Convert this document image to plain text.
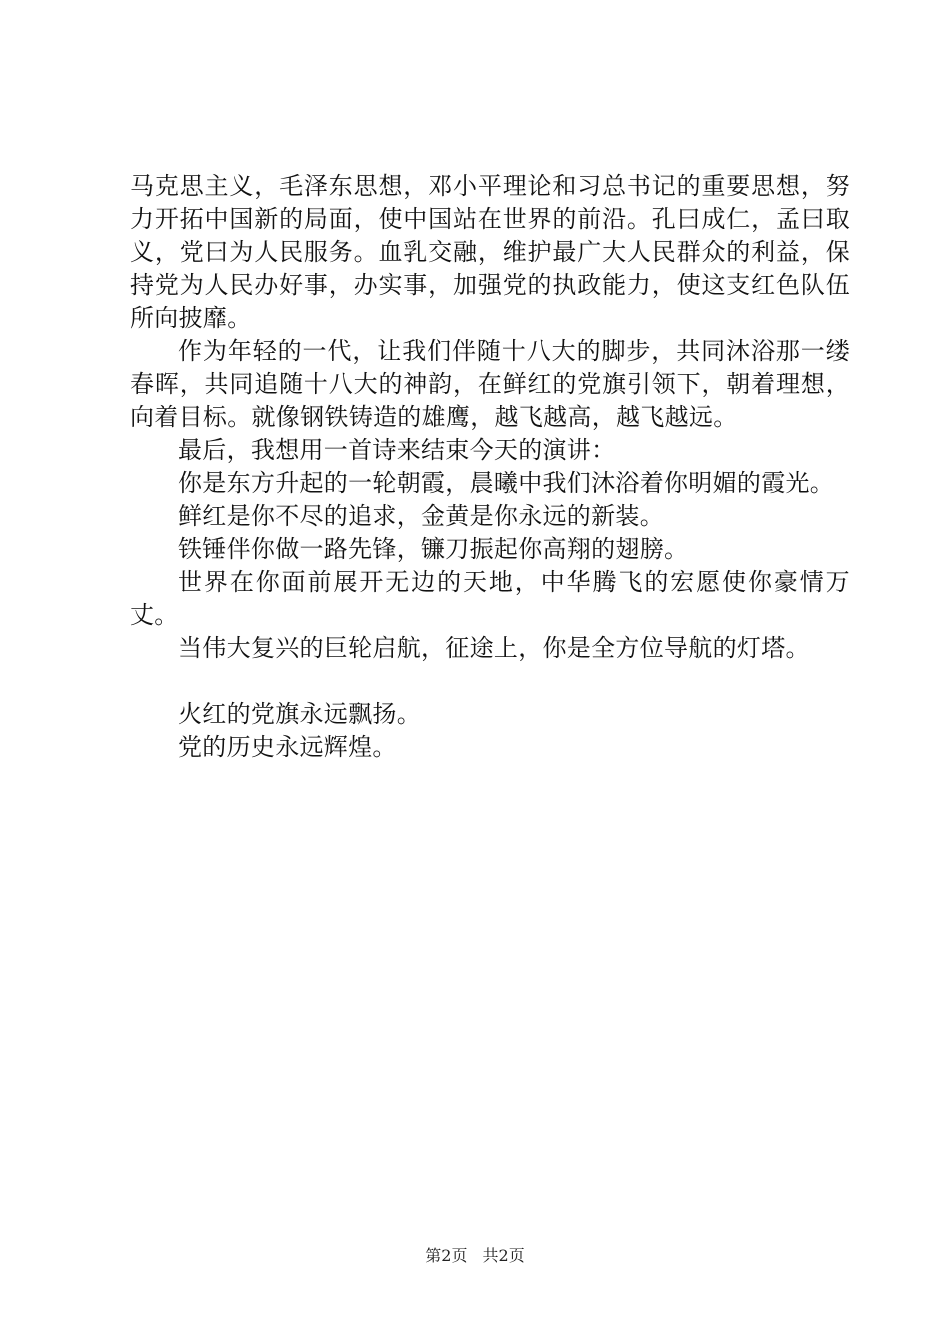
马克思主义，毛泽东思想，邓小平理论和习总书记的重要思想，努力开拓中国新的局面，使中国站在世界的前沿。孔曰成仁，孟曰取义，党曰为人民服务。血乳交融，维护最广大人民群众的利益，保持党为人民办好事，办实事，加强党的执政能力，使这支红色队伍所向披靡。

作为年轻的一代，让我们伴随十八大的脚步，共同沐浴那一缕春晖，共同追随十八大的神韵，在鲜红的党旗引领下，朝着理想，向着目标。就像钢铁铸造的雄鹰，越飞越高，越飞越远。

最后，我想用一首诗来结束今天的演讲：

你是东方升起的一轮朝霞，晨曦中我们沐浴着你明媚的霞光。

鲜红是你不尽的追求，金黄是你永远的新装。

铁锤伴你做一路先锋，镰刀振起你高翔的翅膀。

世界在你面前展开无边的天地，中华腾飞的宏愿使你豪情万丈。

当伟大复兴的巨轮启航，征途上，你是全方位导航的灯塔。

火红的党旗永远飘扬。

党的历史永远辉煌。

第2页 共2页
